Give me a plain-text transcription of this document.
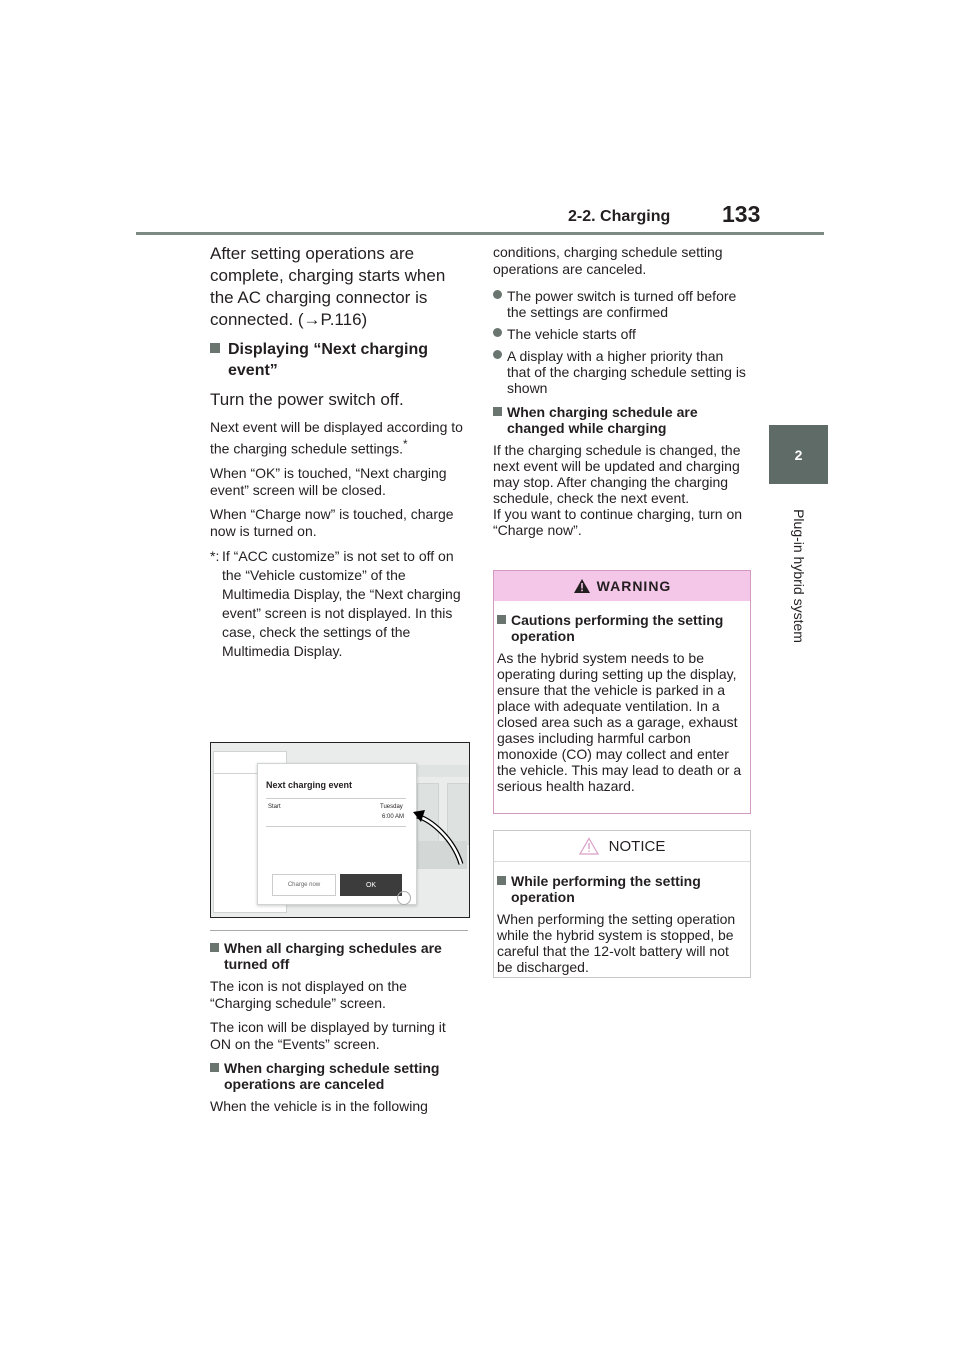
2-2. Charging 133
2
Plug-in hybrid system

After setting operations are complete, charging starts when the AC charging connector is connected. (→P.116)

Displaying “Next charging event”

Turn the power switch off.

Next event will be displayed according to the charging schedule settings.*

When “OK” is touched, “Next charging event” screen will be closed.

When “Charge now” is touched, charge now is turned on.

*: If “ACC customize” is not set to off on the “Vehicle customize” of the Multimedia Display, the “Next charging event” screen is not displayed. In this case, check the settings of the Multimedia Display.
Next charging event
Start	Tuesday
6:00 AM
Charge now	OK
When all charging schedules are turned off

The icon is not displayed on the “Charging schedule” screen.

The icon will be displayed by turning it ON on the “Events” screen.

When charging schedule setting operations are canceled

When the vehicle is in the following

conditions, charging schedule setting operations are canceled.

The power switch is turned off before the settings are confirmed
The vehicle starts off
A display with a higher priority than that of the charging schedule setting is shown
When charging schedule are changed while charging

If the charging schedule is changed, the next event will be updated and charging may stop. After changing the charging schedule, check the next event.

If you want to continue charging, turn on “Charge now”.

WARNING
Cautions performing the setting operation

As the hybrid system needs to be operating during setting up the display, ensure that the vehicle is parked in a place with adequate ventilation. In a closed area such as a garage, exhaust gases including harmful carbon monoxide (CO) may collect and enter the vehicle. This may lead to death or a serious health hazard.

NOTICE
While performing the setting operation

When performing the setting operation while the hybrid system is stopped, be careful that the 12-volt battery will not be discharged.
